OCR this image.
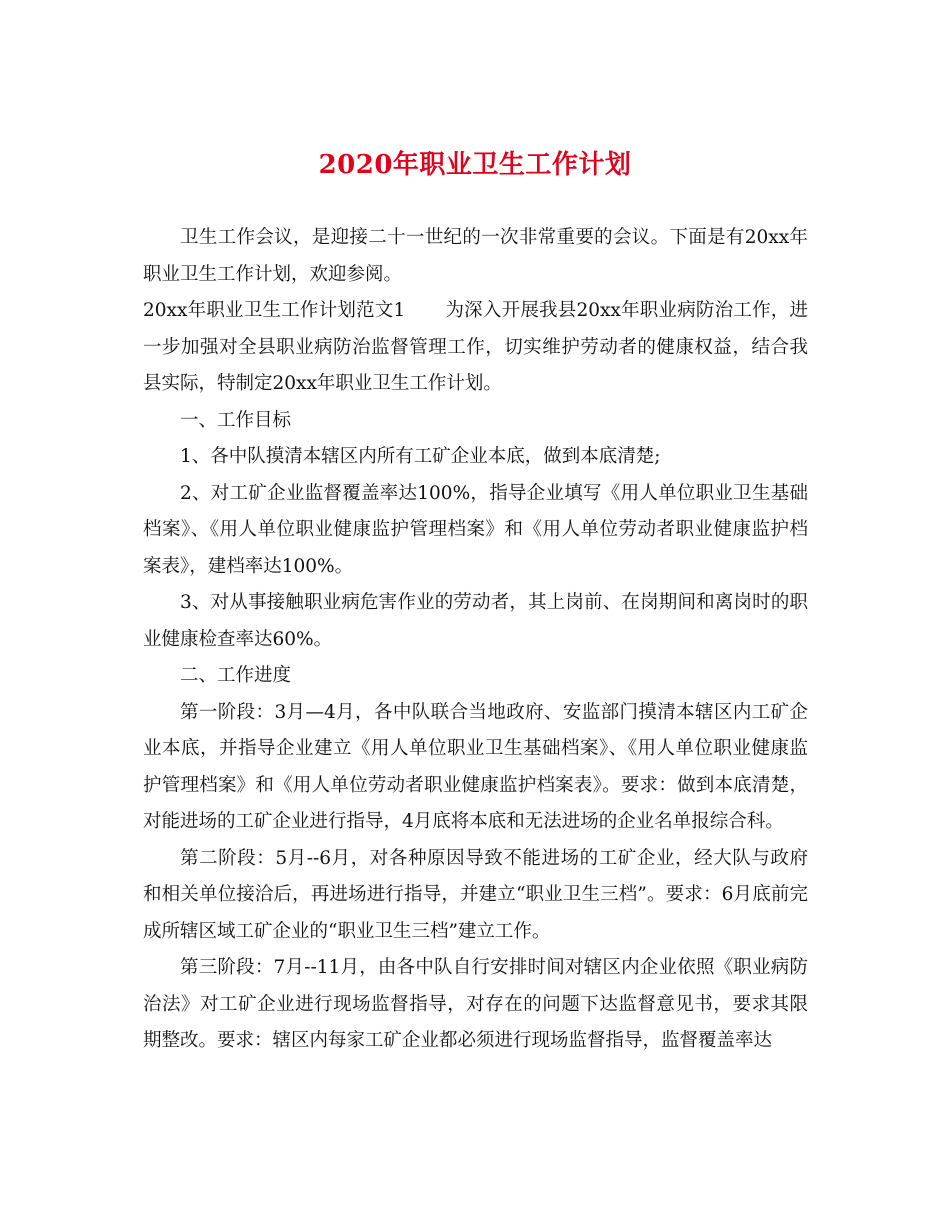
2020年职业卫生工作计划

卫生工作会议，是迎接二十一世纪的一次非常重要的会议。下面是有20xx年职业卫生工作计划，欢迎参阅。

20xx年职业卫生工作计划范文1 为深入开展我县20xx年职业病防治工作，进一步加强对全县职业病防治监督管理工作，切实维护劳动者的健康权益，结合我县实际，特制定20xx年职业卫生工作计划。

一、工作目标

1、各中队摸清本辖区内所有工矿企业本底，做到本底清楚;

2、对工矿企业监督覆盖率达100%，指导企业填写《用人单位职业卫生基础档案》、《用人单位职业健康监护管理档案》和《用人单位劳动者职业健康监护档案表》，建档率达100%。

3、对从事接触职业病危害作业的劳动者，其上岗前、在岗期间和离岗时的职业健康检查率达60%。

二、工作进度

第一阶段：3月—4月，各中队联合当地政府、安监部门摸清本辖区内工矿企业本底，并指导企业建立《用人单位职业卫生基础档案》、《用人单位职业健康监护管理档案》和《用人单位劳动者职业健康监护档案表》。要求：做到本底清楚，对能进场的工矿企业进行指导，4月底将本底和无法进场的企业名单报综合科。

第二阶段：5月--6月，对各种原因导致不能进场的工矿企业，经大队与政府和相关单位接洽后，再进场进行指导，并建立“职业卫生三档”。要求：6月底前完成所辖区域工矿企业的“职业卫生三档”建立工作。

第三阶段：7月--11月，由各中队自行安排时间对辖区内企业依照《职业病防治法》对工矿企业进行现场监督指导，对存在的问题下达监督意见书，要求其限期整改。要求：辖区内每家工矿企业都必须进行现场监督指导，监督覆盖率达
